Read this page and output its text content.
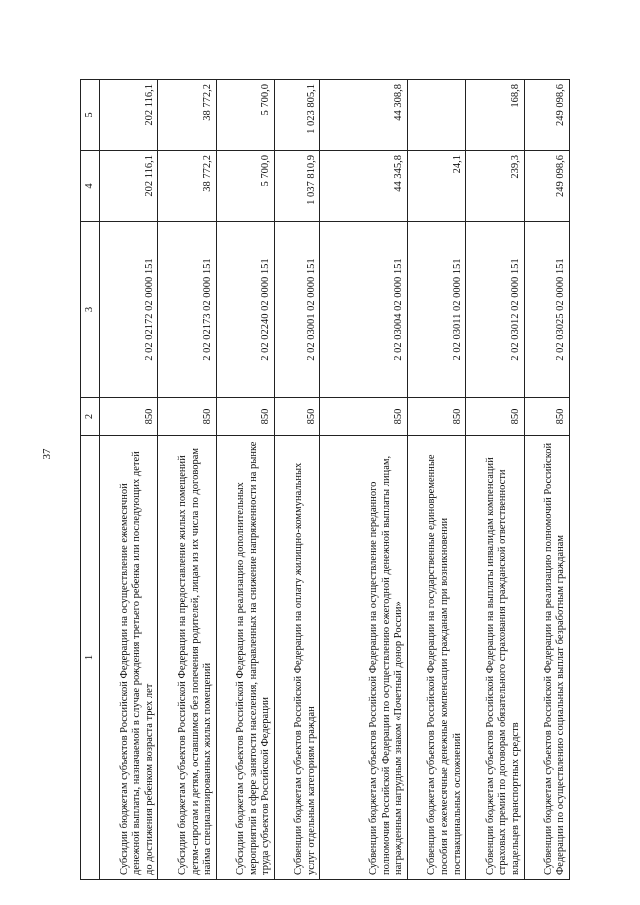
37
1	2	3	4	5
Субсидии бюджетам субъектов Российской Федерации на осуществление ежемесячной денежной выплаты, назначаемой в случае рождения третьего ребенка или последующих детей до достижения ребенком возраста трех лет	850	2 02 02172 02 0000 151	202 116,1	202 116,1
Субсидии бюджетам субъектов Российской Федерации на предоставление жилых помещений детям-сиротам и детям, оставшимся без попечения родителей, лицам из их числа по договорам найма специализированных жилых помещений	850	2 02 02173 02 0000 151	38 772,2	38 772,2
Субсидии бюджетам субъектов Российской Федерации на реализацию дополнительных мероприятий в сфере занятости населения, направленных на снижение напряженности на рынке труда субъектов Российской Федерации	850	2 02 02240 02 0000 151	5 700,0	5 700,0
Субвенции бюджетам субъектов Российской Федерации на оплату жилищно-коммунальных услуг отдельным категориям граждан	850	2 02 03001 02 0000 151	1 037 810,9	1 023 805,1
Субвенции бюджетам субъектов Российской Федерации на осуществление переданного полномочия Российской Федерации по осуществлению ежегодной денежной выплаты лицам, награжденным нагрудным знаком «Почетный донор России»	850	2 02 03004 02 0000 151	44 345,8	44 308,8
Субвенции бюджетам субъектов Российской Федерации на государственные единовременные пособия и ежемесячные денежные компенсации гражданам при возникновении поствакцинальных осложнений	850	2 02 03011 02 0000 151	24,1	
Субвенции бюджетам субъектов Российской Федерации на выплаты инвалидам компенсаций страховых премий по договорам обязательного страхования гражданской ответственности владельцев транспортных средств	850	2 02 03012 02 0000 151	239,3	168,8
Субвенции бюджетам субъектов Российской Федерации на реализацию полномочий Российской Федерации по осуществлению социальных выплат безработным гражданам	850	2 02 03025 02 0000 151	249 098,6	249 098,6
